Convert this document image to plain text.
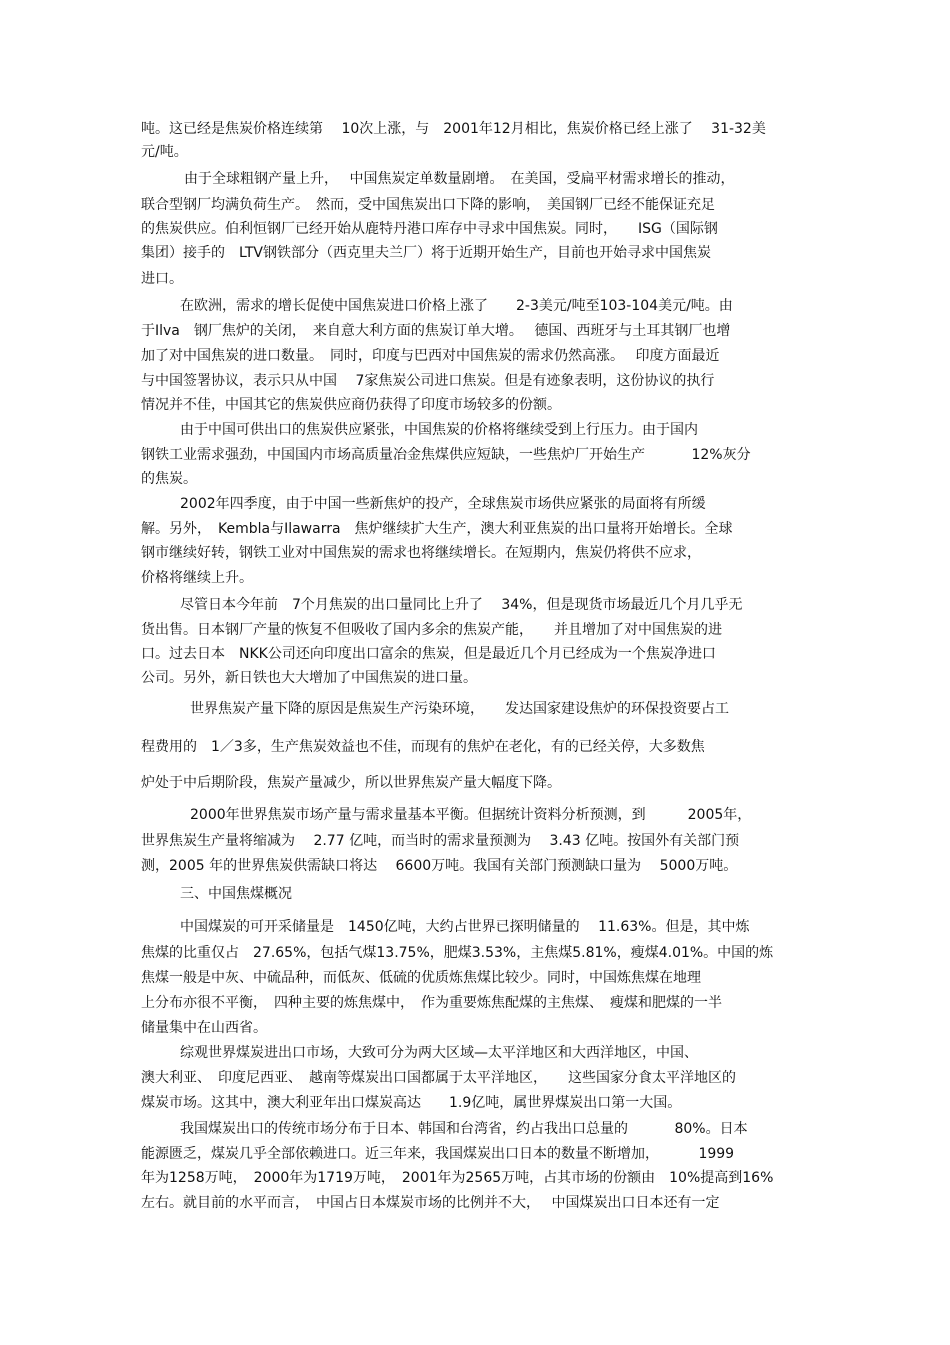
吨。这已经是焦炭价格连续第　 10次上涨，与　2001年12月相比，焦炭价格已经上涨了　 31-32美
元/吨。
由于全球粗钢产量上升，　 中国焦炭定单数量剧增。　在美国，受扁平材需求增长的推动，
联合型钢厂均满负荷生产。　然而，受中国焦炭出口下降的影响，　美国钢厂已经不能保证充足
的焦炭供应。伯利恒钢厂已经开始从鹿特丹港口库存中寻求中国焦炭。同时，　　ISG（国际钢
集团）接手的　LTV钢铁部分（西克里夫兰厂）将于近期开始生产，目前也开始寻求中国焦炭
进口。
在欧洲，需求的增长促使中国焦炭进口价格上涨了　　2-3美元/吨至103-104美元/吨。由
于Ilva　钢厂焦炉的关闭，　来自意大利方面的焦炭订单大增。　 德国、西班牙与土耳其钢厂也增
加了对中国焦炭的进口数量。　同时，印度与巴西对中国焦炭的需求仍然高涨。　 印度方面最近
与中国签署协议，表示只从中国　 7家焦炭公司进口焦炭。但是有迹象表明，这份协议的执行
情况并不佳，中国其它的焦炭供应商仍获得了印度市场较多的份额。
由于中国可供出口的焦炭供应紧张，中国焦炭的价格将继续受到上行压力。由于国内
钢铁工业需求强劲，中国国内市场高质量冶金焦煤供应短缺，一些焦炉厂开始生产　　　 12%灰分
的焦炭。
2002年四季度，由于中国一些新焦炉的投产，全球焦炭市场供应紧张的局面将有所缓
解。另外，　Kembla与Ilawarra　焦炉继续扩大生产，澳大利亚焦炭的出口量将开始增长。全球
钢市继续好转，钢铁工业对中国焦炭的需求也将继续增长。在短期内，焦炭仍将供不应求，
价格将继续上升。
尽管日本今年前　7个月焦炭的出口量同比上升了　 34%，但是现货市场最近几个月几乎无
货出售。日本钢厂产量的恢复不但吸收了国内多余的焦炭产能，　　并且增加了对中国焦炭的进
口。过去日本　NKK公司还向印度出口富余的焦炭，但是最近几个月已经成为一个焦炭净进口
公司。另外，新日铁也大大增加了中国焦炭的进口量。
世界焦炭产量下降的原因是焦炭生产污染环境，　　发达国家建设焦炉的环保投资要占工
程费用的　1／3多，生产焦炭效益也不佳，而现有的焦炉在老化，有的已经关停，大多数焦
炉处于中后期阶段，焦炭产量减少，所以世界焦炭产量大幅度下降。
2000年世界焦炭市场产量与需求量基本平衡。但据统计资料分析预测，到　　　2005年，
世界焦炭生产量将缩减为　 2.77 亿吨，而当时的需求量预测为　 3.43 亿吨。按国外有关部门预
测，2005 年的世界焦炭供需缺口将达　 6600万吨。我国有关部门预测缺口量为　 5000万吨。
三、中国焦煤概况
中国煤炭的可开采储量是　1450亿吨，大约占世界已探明储量的　 11.63%。但是，其中炼
焦煤的比重仅占　27.65%，包括气煤13.75%，肥煤3.53%，主焦煤5.81%，瘦煤4.01%。中国的炼
焦煤一般是中灰、中硫品种，而低灰、低硫的优质炼焦煤比较少。同时，中国炼焦煤在地理
上分布亦很不平衡，　四种主要的炼焦煤中，　作为重要炼焦配煤的主焦煤、　瘦煤和肥煤的一半
储量集中在山西省。
综观世界煤炭进出口市场，大致可分为两大区域—太平洋地区和大西洋地区，中国、
澳大利亚、　印度尼西亚、　越南等煤炭出口国都属于太平洋地区，　　这些国家分食太平洋地区的
煤炭市场。这其中，澳大利亚年出口煤炭高达　　1.9亿吨，属世界煤炭出口第一大国。
我国煤炭出口的传统市场分布于日本、韩国和台湾省，约占我出口总量的　　　 80%。日本
能源匮乏，煤炭几乎全部依赖进口。近三年来，我国煤炭出口日本的数量不断增加，　　　 1999
年为1258万吨，　2000年为1719万吨，　2001年为2565万吨，占其市场的份额由　10%提高到16%
左右。就目前的水平而言，　中国占日本煤炭市场的比例并不大，　 中国煤炭出口日本还有一定
